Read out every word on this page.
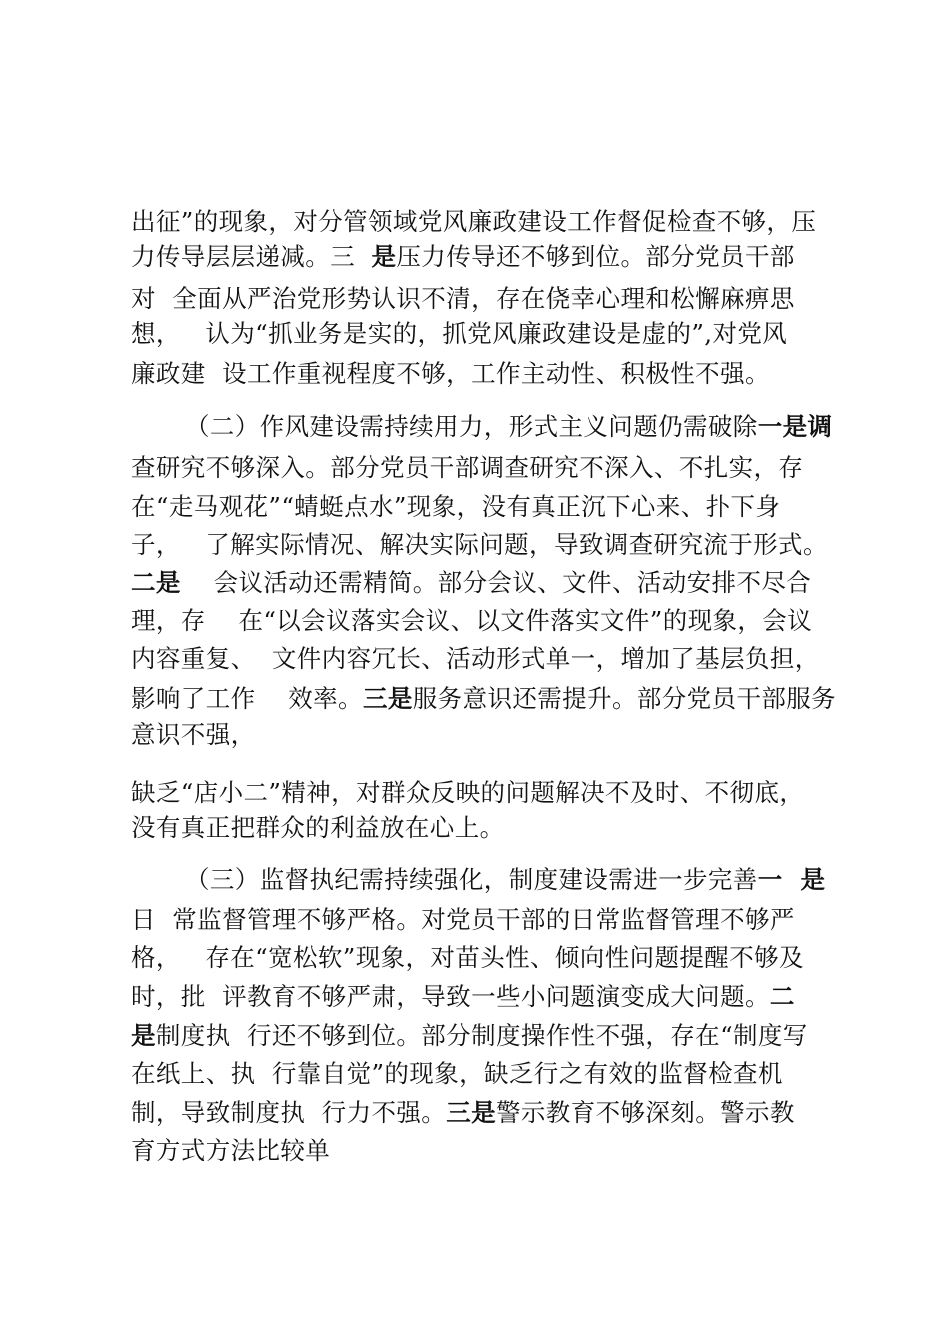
出征”的现象，对分管领域党风廉政建设工作督促检查不够，压
力传导层层递减。三  是压力传导还不够到位。部分党员干部
对  全面从严治党形势认识不清，存在侥幸心理和松懈麻痹思
想，   认为“抓业务是实的，抓党风廉政建设是虚的”,对党风
廉政建  设工作重视程度不够，工作主动性、积极性不强。
（二）作风建设需持续用力，形式主义问题仍需破除一是调
查研究不够深入。部分党员干部调查研究不深入、不扎实，存
在“走马观花”“蜻蜓点水”现象，没有真正沉下心来、扑下身
子，   了解实际情况、解决实际问题，导致调查研究流于形式。
二是    会议活动还需精简。部分会议、文件、活动安排不尽合
理，存    在“以会议落实会议、以文件落实文件”的现象，会议
内容重复、  文件内容冗长、活动形式单一，增加了基层负担，
影响了工作    效率。三是服务意识还需提升。部分党员干部服务
意识不强，
缺乏“店小二”精神，对群众反映的问题解决不及时、不彻底，
没有真正把群众的利益放在心上。
（三）监督执纪需持续强化，制度建设需进一步完善一  是
日  常监督管理不够严格。对党员干部的日常监督管理不够严
格，   存在“宽松软”现象，对苗头性、倾向性问题提醒不够及
时，批  评教育不够严肃，导致一些小问题演变成大问题。二
是制度执  行还不够到位。部分制度操作性不强，存在“制度写
在纸上、执  行靠自觉”的现象，缺乏行之有效的监督检查机
制，导致制度执  行力不强。三是警示教育不够深刻。警示教
育方式方法比较单
